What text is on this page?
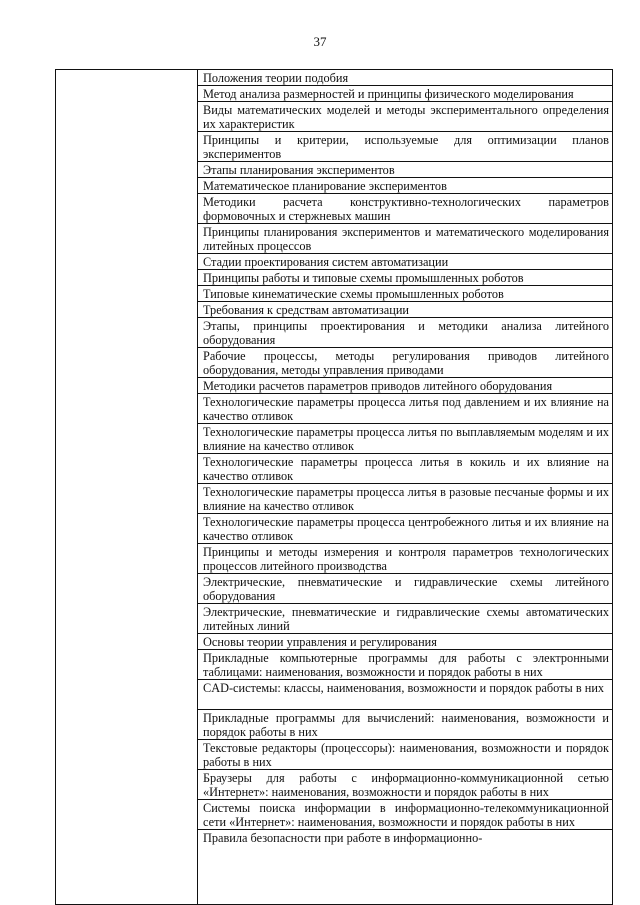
37

Положения теории подобия
Метод анализа размерностей и принципы физического моделирования
Виды математических моделей и методы экспериментального определения их характеристик
Принципы и критерии, используемые для оптимизации планов экспериментов
Этапы планирования экспериментов
Математическое планирование экспериментов
Методики расчета конструктивно-технологических параметров формовочных и стержневых машин
Принципы планирования экспериментов и математического моделирования литейных процессов
Стадии проектирования систем автоматизации
Принципы работы и типовые схемы промышленных роботов
Типовые кинематические схемы промышленных роботов
Требования к средствам автоматизации
Этапы, принципы проектирования и методики анализа литейного оборудования
Рабочие процессы, методы регулирования приводов литейного оборудования, методы управления приводами
Методики расчетов параметров приводов литейного оборудования
Технологические параметры процесса литья под давлением и их влияние на качество отливок
Технологические параметры процесса литья по выплавляемым моделям и их влияние на качество отливок
Технологические параметры процесса литья в кокиль и их влияние на качество отливок
Технологические параметры процесса литья в разовые песчаные формы и их влияние на качество отливок
Технологические параметры процесса центробежного литья и их влияние на качество отливок
Принципы и методы измерения и контроля параметров технологических процессов литейного производства
Электрические, пневматические и гидравлические схемы литейного оборудования
Электрические, пневматические и гидравлические схемы автоматических литейных линий
Основы теории управления и регулирования
Прикладные компьютерные программы для работы с электронными таблицами: наименования, возможности и порядок работы в них
CAD-системы: классы, наименования, возможности и порядок работы в них
Прикладные программы для вычислений: наименования, возможности и порядок работы в них
Текстовые редакторы (процессоры): наименования, возможности и порядок работы в них
Браузеры для работы с информационно-коммуникационной сетью «Интернет»: наименования, возможности и порядок работы в них
Системы поиска информации в информационно-телекоммуникационной сети «Интернет»: наименования, возможности и порядок работы в них
Правила безопасности при работе в информационно-
